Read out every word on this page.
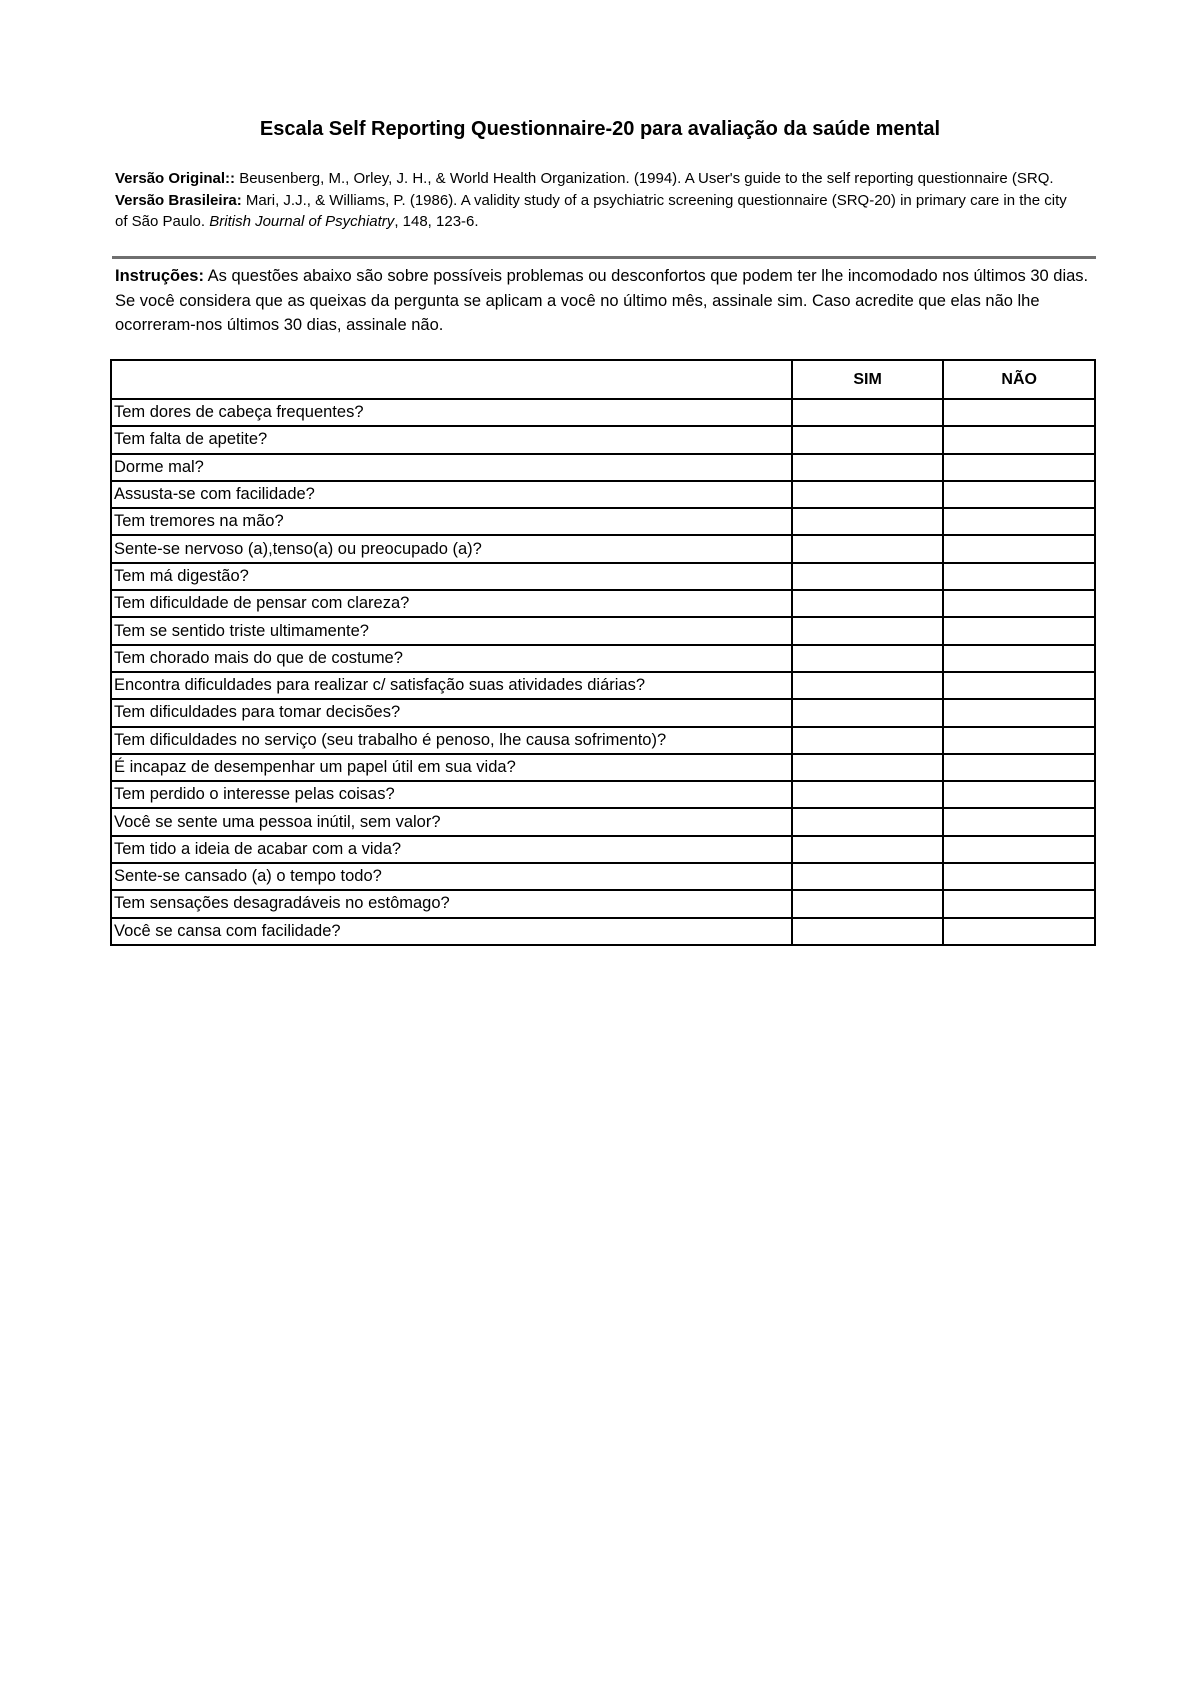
Escala Self Reporting Questionnaire-20 para avaliação da saúde mental
Versão Original:: Beusenberg, M., Orley, J. H., & World Health Organization. (1994). A User's guide to the self reporting questionnaire (SRQ. Versão Brasileira: Mari, J.J., & Williams, P. (1986). A validity study of a psychiatric screening questionnaire (SRQ-20) in primary care in the city of São Paulo. British Journal of Psychiatry, 148, 123-6.
Instruções: As questões abaixo são sobre possíveis problemas ou desconfortos que podem ter lhe incomodado nos últimos 30 dias. Se você considera que as queixas da pergunta se aplicam a você no último mês, assinale sim. Caso acredite que elas não lhe ocorreram-nos últimos 30 dias, assinale não.
	SIM	NÃO
Tem dores de cabeça frequentes?		
Tem falta de apetite?		
Dorme mal?		
Assusta-se com facilidade?		
Tem tremores na mão?		
Sente-se nervoso (a),tenso(a) ou preocupado (a)?		
Tem má digestão?		
Tem dificuldade de pensar com clareza?		
Tem se sentido triste ultimamente?		
Tem chorado mais do que de costume?		
Encontra dificuldades para realizar c/ satisfação suas atividades diárias?		
Tem dificuldades para tomar decisões?		
Tem dificuldades no serviço (seu trabalho é penoso, lhe causa sofrimento)?		
É incapaz de desempenhar um papel útil em sua vida?		
Tem perdido o interesse pelas coisas?		
Você se sente uma pessoa inútil, sem valor?		
Tem tido a ideia de acabar com a vida?		
Sente-se cansado (a) o tempo todo?		
Tem sensações desagradáveis no estômago?		
Você se cansa com facilidade?		
